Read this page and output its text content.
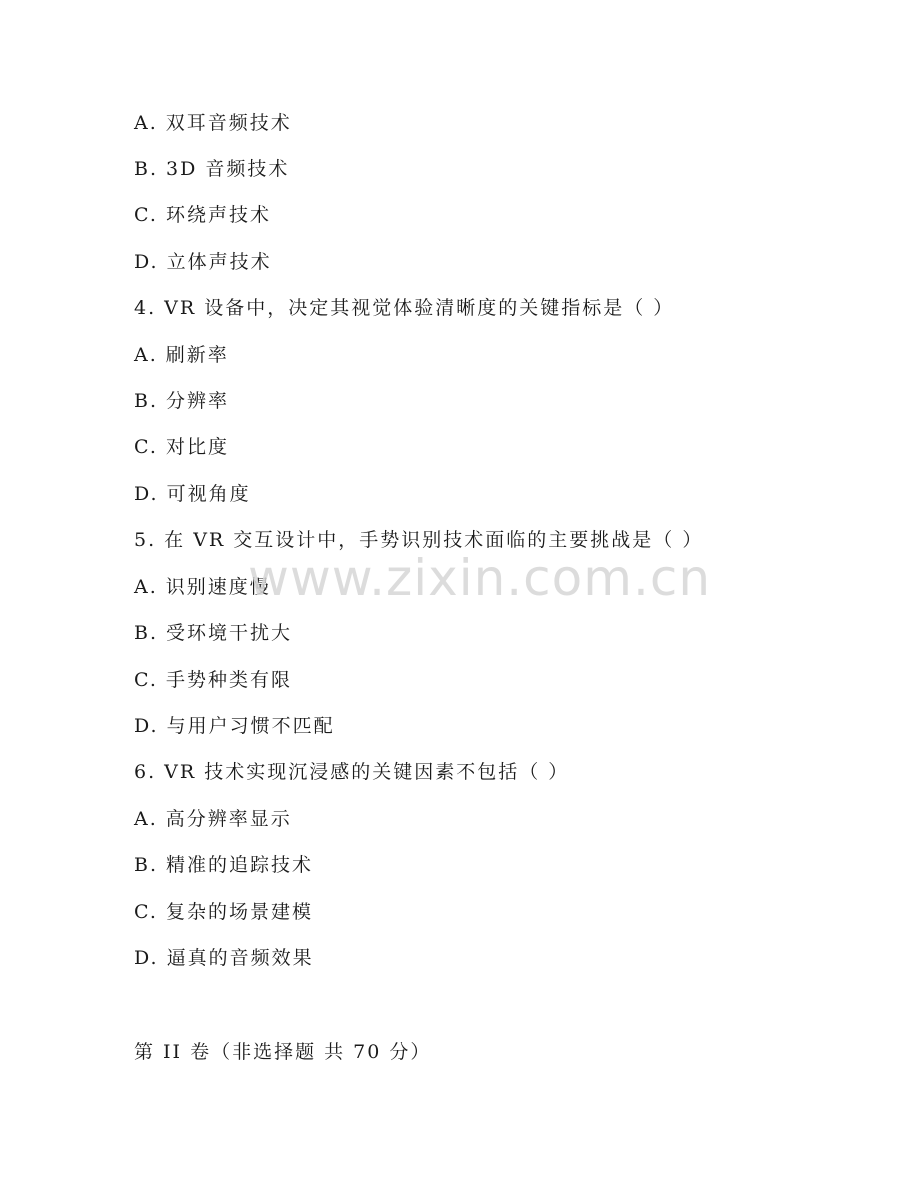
A. 双耳音频技术
B. 3D 音频技术
C. 环绕声技术
D. 立体声技术
4. VR 设备中，决定其视觉体验清晰度的关键指标是（ ）
A. 刷新率
B. 分辨率
C. 对比度
D. 可视角度
5. 在 VR 交互设计中，手势识别技术面临的主要挑战是（ ）
A. 识别速度慢
B. 受环境干扰大
C. 手势种类有限
D. 与用户习惯不匹配
6. VR 技术实现沉浸感的关键因素不包括（ ）
A. 高分辨率显示
B. 精准的追踪技术
C. 复杂的场景建模
D. 逼真的音频效果
第 II 卷（非选择题 共 70 分）
www.zixin.com.cn
